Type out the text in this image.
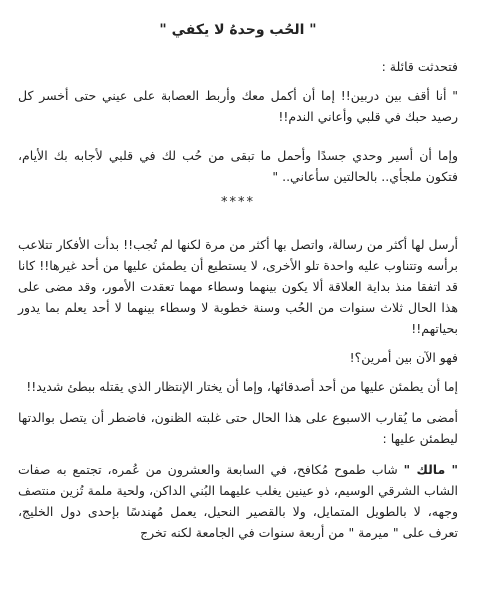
" الحُب وحدهُ لا يكفي "

فتحدثت قائلة :

" أنا أقف بين دربين!! إما أن أكمل معك وأربط العصابة على عيني حتى أخسر كل رصيد حبك في قلبي وأعاني الندم!!

وإما أن أسير وحدي جسدًا وأحمل ما تبقى من حُب لك في قلبي لأجابه بك الأيام، فتكون ملجأي.. بالحالتين سأعاني.. "

****

أرسل لها أكثر من رسالة، واتصل بها أكثر من مرة لكنها لم تُجب!! بدأت الأفكار تتلاعب برأسه وتتناوب عليه واحدة تلو الأخرى، لا يستطيع أن يطمئن عليها من أحد غيرها!! كانا قد اتفقا منذ بداية العلاقة ألا يكون بينهما وسطاء مهما تعقدت الأمور، وقد مضى على هذا الحال ثلاث سنوات من الحُب وسنة خطوبة لا وسطاء بينهما لا أحد يعلم بما يدور بحياتهم!!

فهو الآن بين أمرين؟!

إما أن يطمئن عليها من أحد أصدقائها، وإما أن يختار الإنتظار الذي يقتله ببطئ شديد!!

أمضى ما يُقارب الاسبوع على هذا الحال حتى غلبته الظنون، فاضطر أن يتصل بوالدتها ليطمئن عليها :

" مالك " شاب طموح مُكافح، في السابعة والعشرون من عُمره، تجتمع به صفات الشاب الشرقي الوسيم، ذو عينين يغلب عليهما البُني الداكن، ولحية ملمة تُزين منتصف وجهه، لا بالطويل المتمايل، ولا بالقصير النحيل، يعمل مُهندسًا بإحدى دول الخليج، تعرف على " ميرمة " من أربعة سنوات في الجامعة لكنه تخرج
